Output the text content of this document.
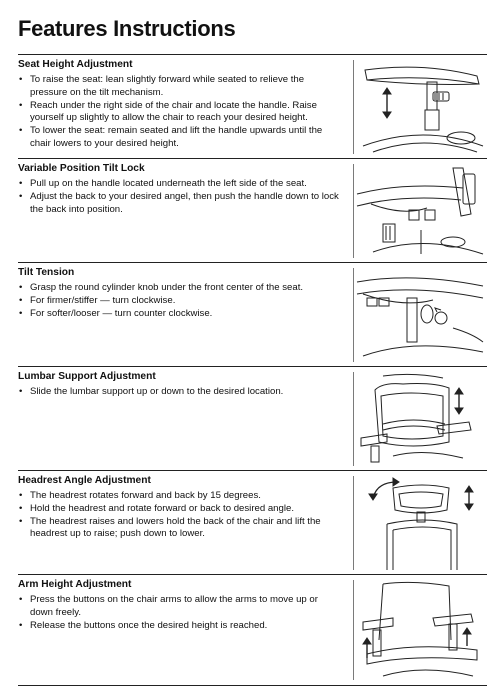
Features Instructions
Seat Height Adjustment
• To raise the seat: lean slightly forward while seated to relieve the pressure on the tilt mechanism.
• Reach under the right side of the chair and locate the handle. Raise yourself up slightly to allow the chair to reach your desired height.
• To lower the seat: remain seated and lift the handle upwards until the chair lowers to your desired height.
Variable Position Tilt Lock
• Pull up on the handle located underneath the left side of the seat.
• Adjust the back to your desired angel, then push the handle down to lock the back into position.
Tilt Tension
• Grasp the round cylinder knob under the front center of the seat.
• For firmer/stiffer — turn clockwise.
• For softer/looser — turn counter clockwise.
Lumbar Support Adjustment
• Slide the lumbar support up or down to the desired location.
Headrest Angle Adjustment
• The headrest rotates forward and back by 15 degrees.
• Hold the headrest and rotate forward or back to desired angle.
• The headrest raises and lowers hold the back of the chair and lift the headrest up to raise; push down to lower.
Arm Height Adjustment
• Press the buttons on the chair arms to allow the arms to move up or down freely.
• Release the buttons once the desired height is reached.
